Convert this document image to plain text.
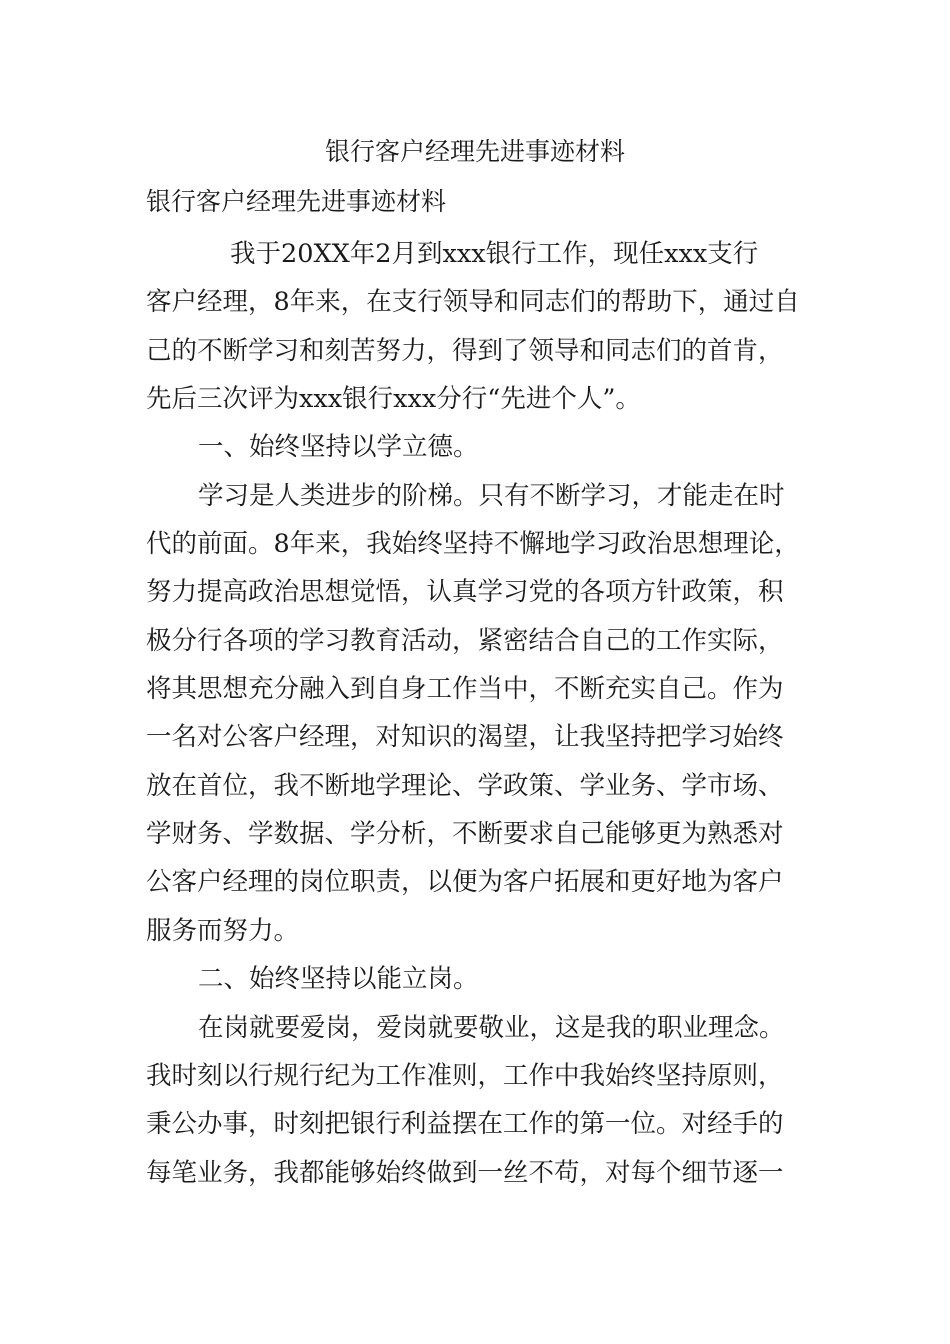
银行客户经理先进事迹材料

银行客户经理先进事迹材料

我于20XX年2月到xxx银行工作，现任xxx支行

客户经理，8年来，在支行领导和同志们的帮助下，通过自

己的不断学习和刻苦努力，得到了领导和同志们的首肯，

先后三次评为xxx银行xxx分行“先进个人”。

一、始终坚持以学立德。

学习是人类进步的阶梯。只有不断学习，才能走在时

代的前面。8年来，我始终坚持不懈地学习政治思想理论，

努力提高政治思想觉悟，认真学习党的各项方针政策，积

极分行各项的学习教育活动，紧密结合自己的工作实际，

将其思想充分融入到自身工作当中，不断充实自己。作为

一名对公客户经理，对知识的渴望，让我坚持把学习始终

放在首位，我不断地学理论、学政策、学业务、学市场、

学财务、学数据、学分析，不断要求自己能够更为熟悉对

公客户经理的岗位职责，以便为客户拓展和更好地为客户

服务而努力。

二、始终坚持以能立岗。

在岗就要爱岗，爱岗就要敬业，这是我的职业理念。

我时刻以行规行纪为工作准则，工作中我始终坚持原则，

秉公办事，时刻把银行利益摆在工作的第一位。对经手的

每笔业务，我都能够始终做到一丝不苟，对每个细节逐一
